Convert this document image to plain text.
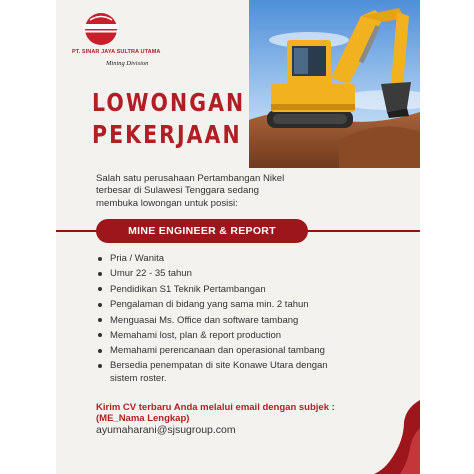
PT. SINAR JAYA SULTRA UTAMA
Mining Division
LOWONGAN
PEKERJAAN

Salah satu perusahaan Pertambangan Nikel terbesar di Sulawesi Tenggara sedang membuka lowongan untuk posisi:

MINE ENGINEER & REPORT
Pria / Wanita
Umur 22 - 35 tahun
Pendidikan S1 Teknik Pertambangan
Pengalaman di bidang yang sama min. 2 tahun
Menguasai Ms. Office dan software tambang
Memahami lost, plan & report production
Memahami perencanaan dan operasional tambang
Bersedia penempatan di site Konawe Utara dengan sistem roster.

Kirim CV terbaru Anda melalui email dengan subjek : (ME_Nama Lengkap)

ayumaharani@sjsugroup.com
